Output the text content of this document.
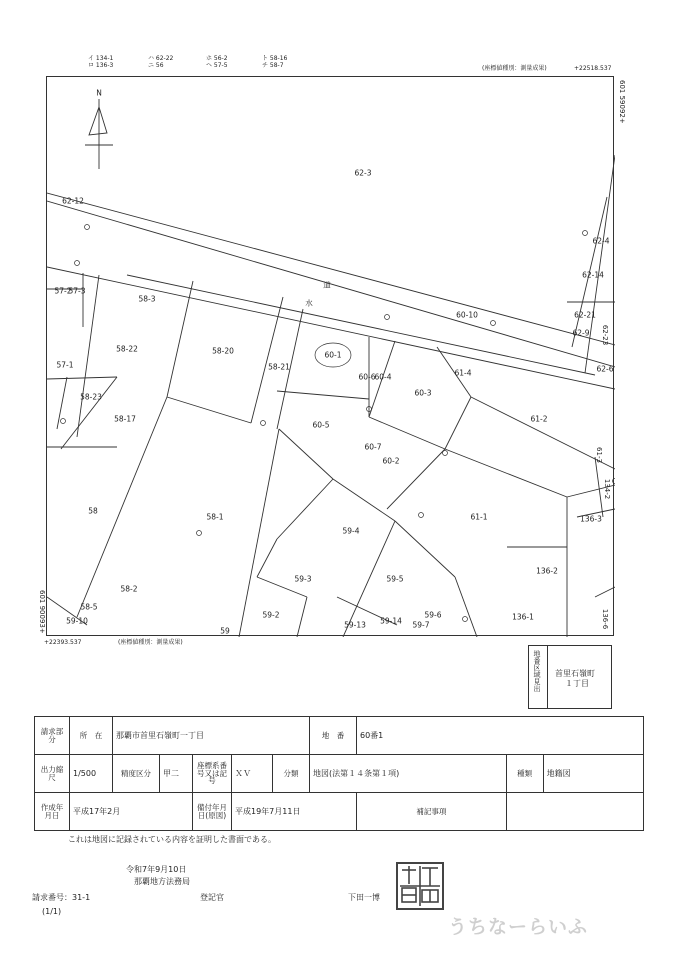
イ 134-1
ロ 136-3
ハ 62-22
ニ 56
ホ 56-2
ヘ 57-5
ト 58-16
チ 58-7	(座標値種別：測量成果)	+22518.537
N
道
水
60-10
62-3
62-12
62-4
62-14
62-21
62-9 62-23
62-6
57-2
57-3
58-3
58-22	58-20
58-21
60-1
60-6
60-4	61-4
57-1
58-23
58-17
60-3
61-2
60-5
60-7
60-2	61-3
134-2
58
58-1
59-4
61-1	136-3
136-2
59-3	59-5
58-2
58-5
59-10
59-2	59-6
59-7
136-1	136-6
59-13 59-14
59
601 59092+
601 90093+
+22393.537	(座標値種別：測量成果)
地番区域見出 首里石嶺町
１丁目
請求部分	所　在	那覇市首里石嶺町一丁目					地　番	60番1		
出力縮尺	1/500	精度区分	甲二	座標系番号又は記号	ＸＶ	分類	地図(法第１４条第１項)		種類	地籍図
作成年月日	平成17年2月			備付年月日(原図)	平成19年7月11日			補記事項		
これは地図に記録されている内容を証明した書面である。
令和7年9月10日
那覇地方法務局
登記官	下田一博
請求番号：31-1
(1/1)
うちなーらいふ
